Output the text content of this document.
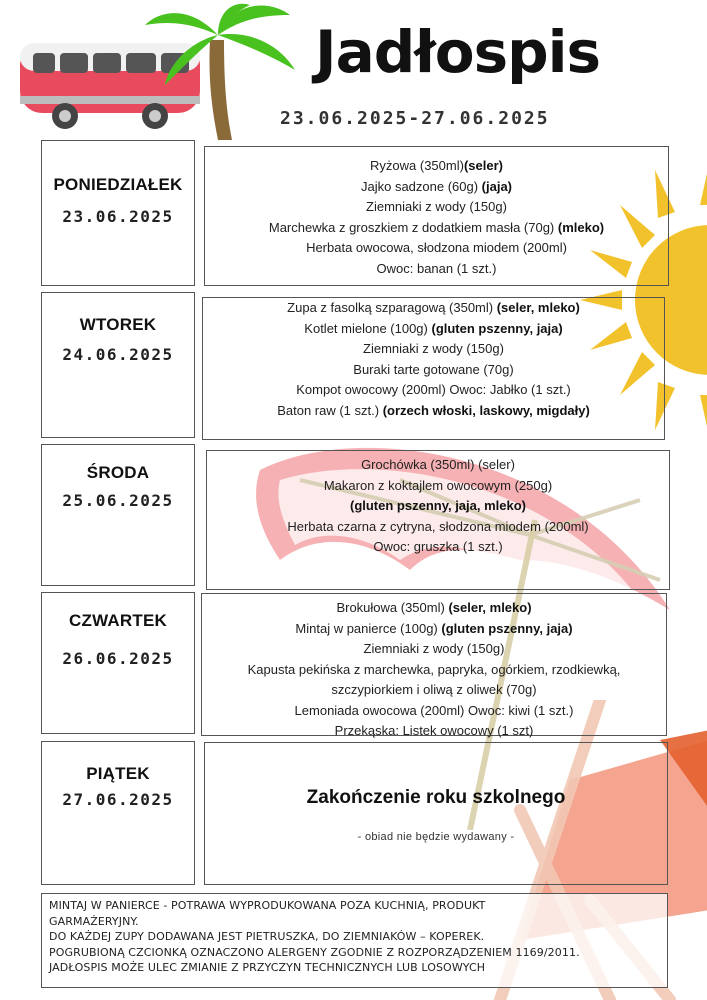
Jadłospis
23.06.2025-27.06.2025
PONIEDZIAŁEK
23.06.2025
Ryżowa (350ml)(seler)
Jajko sadzone (60g) (jaja)
Ziemniaki z wody (150g)
Marchewka z groszkiem z dodatkiem masła (70g) (mleko)
Herbata owocowa, słodzona miodem (200ml)
Owoc: banan (1 szt.)
WTOREK
24.06.2025
Zupa z fasolką szparagową (350ml) (seler, mleko)
Kotlet mielone (100g) (gluten pszenny, jaja)
Ziemniaki z wody (150g)
Buraki tarte gotowane (70g)
Kompot owocowy (200ml) Owoc: Jabłko (1 szt.)
Baton raw (1 szt.) (orzech włoski, laskowy, migdały)
ŚRODA
25.06.2025
Grochówka (350ml) (seler)
Makaron z koktajlem owocowym (250g)
(gluten pszenny, jaja, mleko)
Herbata czarna z cytryna, słodzona miodem (200ml)
Owoc: gruszka (1 szt.)
CZWARTEK
26.06.2025
Brokułowa (350ml) (seler, mleko)
Mintaj w panierce (100g) (gluten pszenny, jaja)
Ziemniaki z wody (150g)
Kapusta pekińska z marchewka, papryka, ogórkiem, rzodkiewką,
szczypiorkiem i oliwą z oliwek (70g)
Lemoniada owocowa (200ml) Owoc: kiwi (1 szt.)
Przekąska: Listek owocowy (1 szt)
PIĄTEK
27.06.2025	Zakończenie roku szkolnego
- obiad nie będzie wydawany -
MINTAJ W PANIERCE - POTRAWA WYPRODUKOWANA POZA KUCHNIĄ, PRODUKT
GARMAŻERYJNY.
DO KAŻDEJ ZUPY DODAWANA JEST PIETRUSZKA, DO ZIEMNIAKÓW – KOPEREK.
POGRUBIONĄ CZCIONKĄ OZNACZONO ALERGENY ZGODNIE Z ROZPORZĄDZENIEM 1169/2011.
JADŁOSPIS MOŻE ULEC ZMIANIE Z PRZYCZYN TECHNICZNYCH LUB LOSOWYCH
